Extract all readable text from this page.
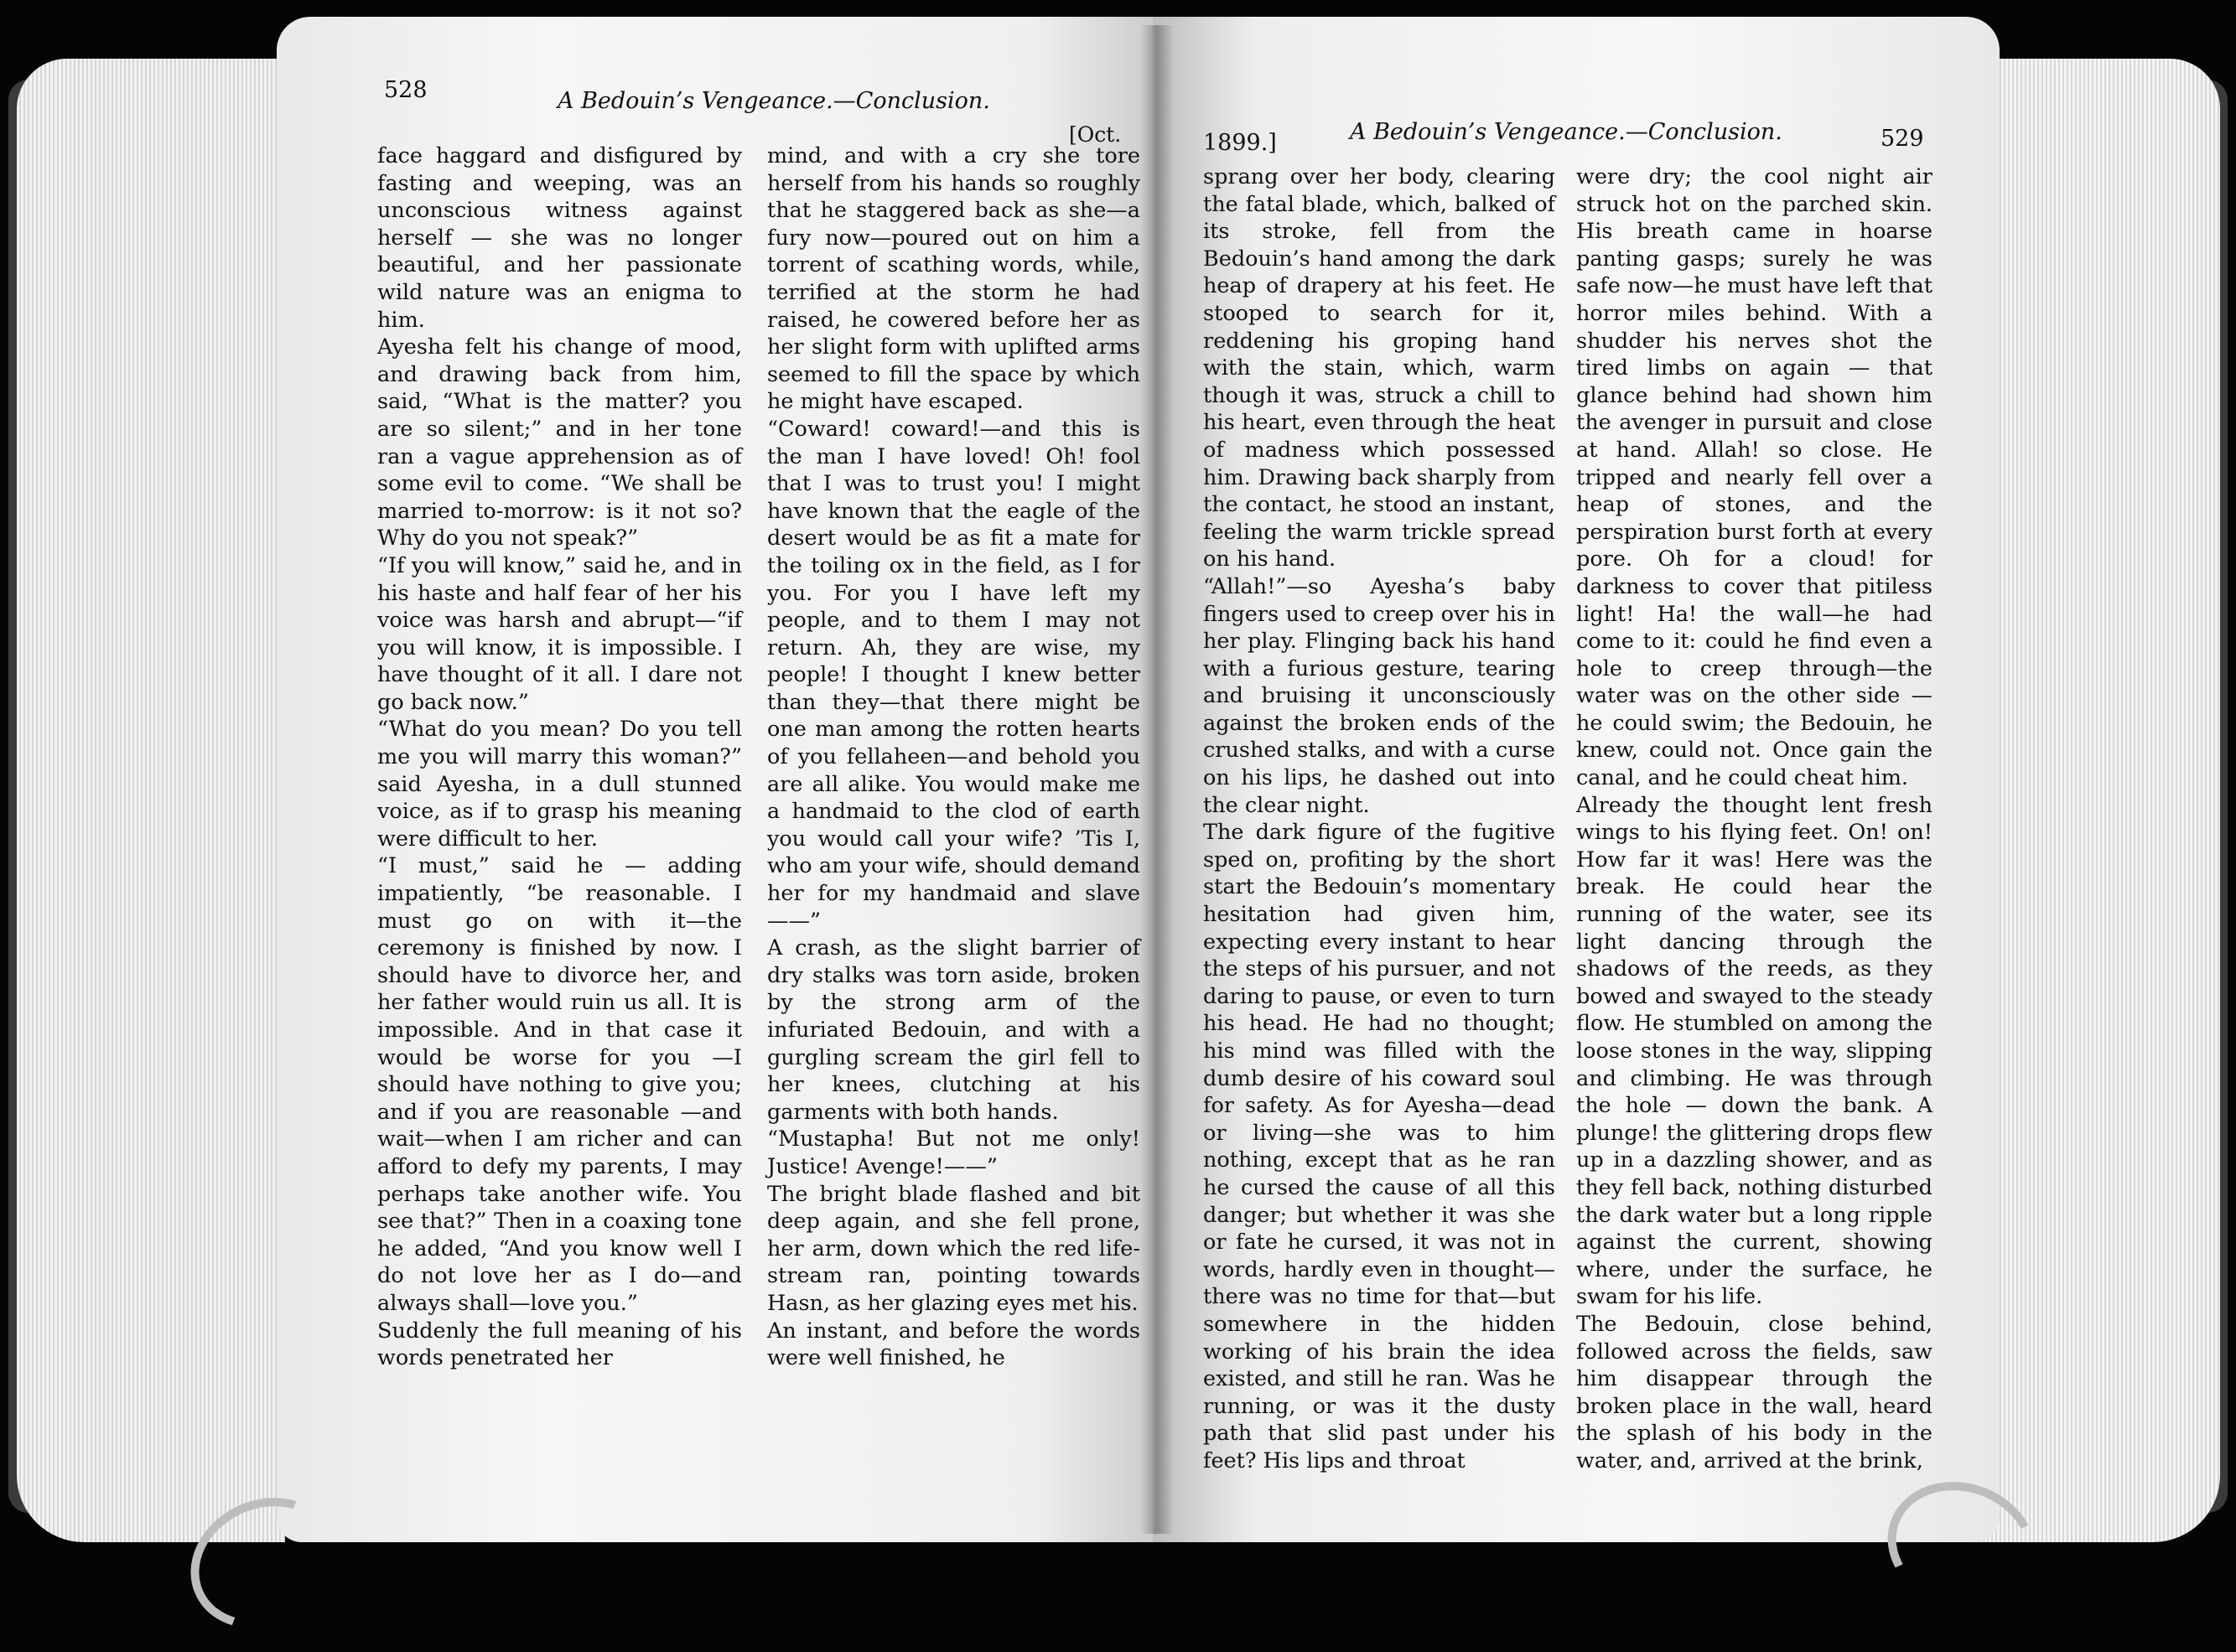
528	A Bedouin’s Vengeance.—Conclusion.
[Oct.
face haggard and disfigured by fasting and weeping, was an unconscious witness against herself — she was no longer beautiful, and her passionate wild nature was an enigma to him.
Ayesha felt his change of mood, and drawing back from him, said, “What is the matter? you are so silent;” and in her tone ran a vague apprehension as of some evil to come. “We shall be married to-morrow: is it not so? Why do you not speak?”
“If you will know,” said he, and in his haste and half fear of her his voice was harsh and abrupt—“if you will know, it is impossible. I have thought of it all. I dare not go back now.”
“What do you mean? Do you tell me you will marry this woman?” said Ayesha, in a dull stunned voice, as if to grasp his meaning were difficult to her.
“I must,” said he — adding impatiently, “be reasonable. I must go on with it—the ceremony is finished by now. I should have to divorce her, and her father would ruin us all. It is impossible. And in that case it would be worse for you —I should have nothing to give you; and if you are reasonable —and wait—when I am richer and can afford to defy my parents, I may perhaps take another wife. You see that?” Then in a coaxing tone he added, “And you know well I do not love her as I do—and always shall—love you.”
Suddenly the full meaning of his words penetrated her
mind, and with a cry she tore herself from his hands so roughly that he staggered back as she—a fury now—poured out on him a torrent of scathing words, while, terrified at the storm he had raised, he cowered before her as her slight form with uplifted arms seemed to fill the space by which he might have escaped.
“Coward! coward!—and this is the man I have loved! Oh! fool that I was to trust you! I might have known that the eagle of the desert would be as fit a mate for the toiling ox in the field, as I for you. For you I have left my people, and to them I may not return. Ah, they are wise, my people! I thought I knew better than they—that there might be one man among the rotten hearts of you fellaheen—and behold you are all alike. You would make me a handmaid to the clod of earth you would call your wife? ’Tis I, who am your wife, should demand her for my handmaid and slave——”
A crash, as the slight barrier of dry stalks was torn aside, broken by the strong arm of the infuriated Bedouin, and with a gurgling scream the girl fell to her knees, clutching at his garments with both hands.
“Mustapha! But not me only! Justice! Avenge!——”
The bright blade flashed and bit deep again, and she fell prone, her arm, down which the red life-stream ran, pointing towards Hasn, as her glazing eyes met his.
An instant, and before the words were well finished, he
1899.]	A Bedouin’s Vengeance.—Conclusion.	529
sprang over her body, clearing the fatal blade, which, balked of its stroke, fell from the Bedouin’s hand among the dark heap of drapery at his feet. He stooped to search for it, reddening his groping hand with the stain, which, warm though it was, struck a chill to his heart, even through the heat of madness which possessed him. Drawing back sharply from the contact, he stood an instant, feeling the warm trickle spread on his hand.
“Allah!”—so Ayesha’s baby fingers used to creep over his in her play. Flinging back his hand with a furious gesture, tearing and bruising it unconsciously against the broken ends of the crushed stalks, and with a curse on his lips, he dashed out into the clear night.
The dark figure of the fugitive sped on, profiting by the short start the Bedouin’s momentary hesitation had given him, expecting every instant to hear the steps of his pursuer, and not daring to pause, or even to turn his head. He had no thought; his mind was filled with the dumb desire of his coward soul for safety. As for Ayesha—dead or living—she was to him nothing, except that as he ran he cursed the cause of all this danger; but whether it was she or fate he cursed, it was not in words, hardly even in thought—there was no time for that—but somewhere in the hidden working of his brain the idea existed, and still he ran. Was he running, or was it the dusty path that slid past under his feet? His lips and throat
were dry; the cool night air struck hot on the parched skin. His breath came in hoarse panting gasps; surely he was safe now—he must have left that horror miles behind. With a shudder his nerves shot the tired limbs on again — that glance behind had shown him the avenger in pursuit and close at hand. Allah! so close. He tripped and nearly fell over a heap of stones, and the perspiration burst forth at every pore. Oh for a cloud! for darkness to cover that pitiless light! Ha! the wall—he had come to it: could he find even a hole to creep through—the water was on the other side — he could swim; the Bedouin, he knew, could not. Once gain the canal, and he could cheat him.
Already the thought lent fresh wings to his flying feet. On! on! How far it was! Here was the break. He could hear the running of the water, see its light dancing through the shadows of the reeds, as they bowed and swayed to the steady flow. He stumbled on among the loose stones in the way, slipping and climbing. He was through the hole — down the bank. A plunge! the glittering drops flew up in a dazzling shower, and as they fell back, nothing disturbed the dark water but a long ripple against the current, showing where, under the surface, he swam for his life.
The Bedouin, close behind, followed across the fields, saw him disappear through the broken place in the wall, heard the splash of his body in the water, and, arrived at the brink,
